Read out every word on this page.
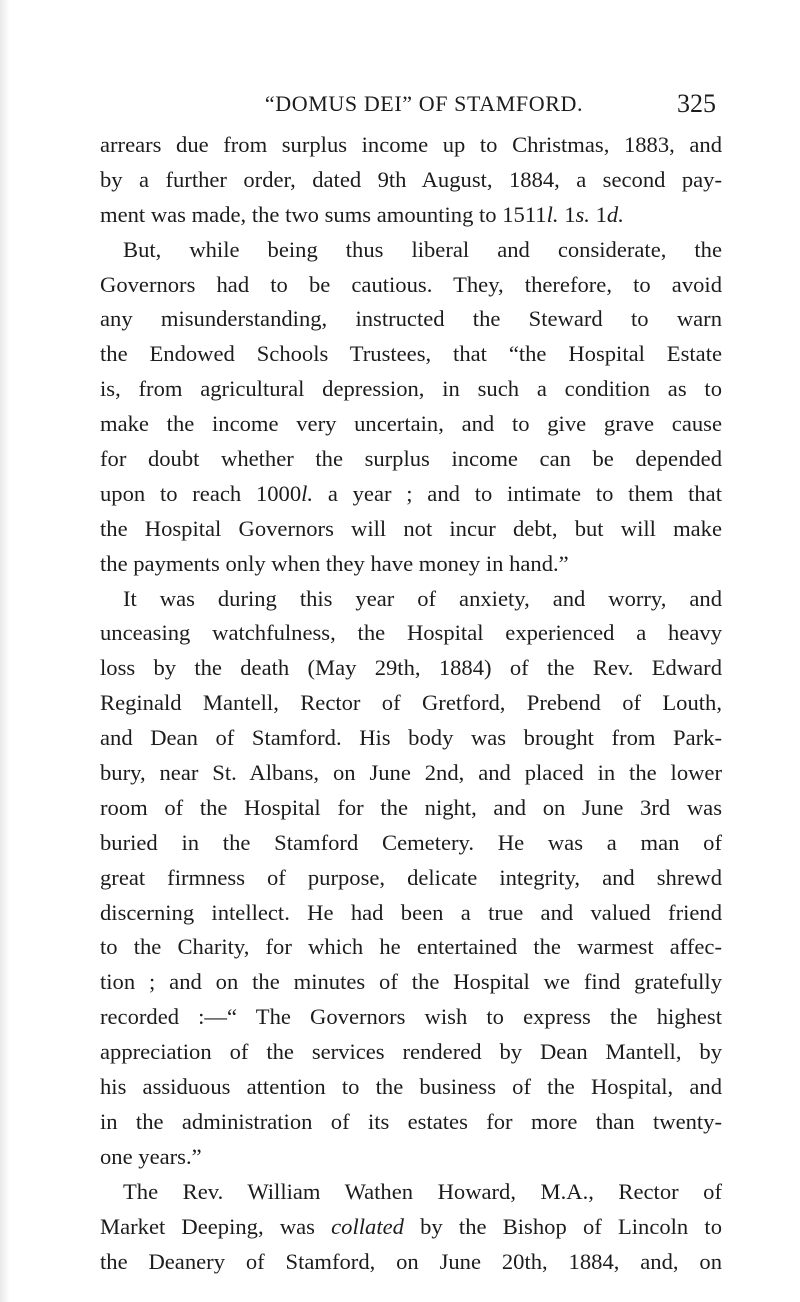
“DOMUS DEI” OF STAMFORD.	325
arrears due from surplus income up to Christmas, 1883, and
by a further order, dated 9th August, 1884, a second pay-
ment was made, the two sums amounting to 1511l. 1s. 1d.
But, while being thus liberal and considerate, the
Governors had to be cautious. They, therefore, to avoid
any misunderstanding, instructed the Steward to warn
the Endowed Schools Trustees, that “the Hospital Estate
is, from agricultural depression, in such a condition as to
make the income very uncertain, and to give grave cause
for doubt whether the surplus income can be depended
upon to reach 1000l. a year ; and to intimate to them that
the Hospital Governors will not incur debt, but will make
the payments only when they have money in hand.”
It was during this year of anxiety, and worry, and
unceasing watchfulness, the Hospital experienced a heavy
loss by the death (May 29th, 1884) of the Rev. Edward
Reginald Mantell, Rector of Gretford, Prebend of Louth,
and Dean of Stamford. His body was brought from Park-
bury, near St. Albans, on June 2nd, and placed in the lower
room of the Hospital for the night, and on June 3rd was
buried in the Stamford Cemetery. He was a man of
great firmness of purpose, delicate integrity, and shrewd
discerning intellect. He had been a true and valued friend
to the Charity, for which he entertained the warmest affec-
tion ; and on the minutes of the Hospital we find gratefully
recorded :—“ The Governors wish to express the highest
appreciation of the services rendered by Dean Mantell, by
his assiduous attention to the business of the Hospital, and
in the administration of its estates for more than twenty-
one years.”
The Rev. William Wathen Howard, M.A., Rector of
Market Deeping, was collated by the Bishop of Lincoln to
the Deanery of Stamford, on June 20th, 1884, and, on
